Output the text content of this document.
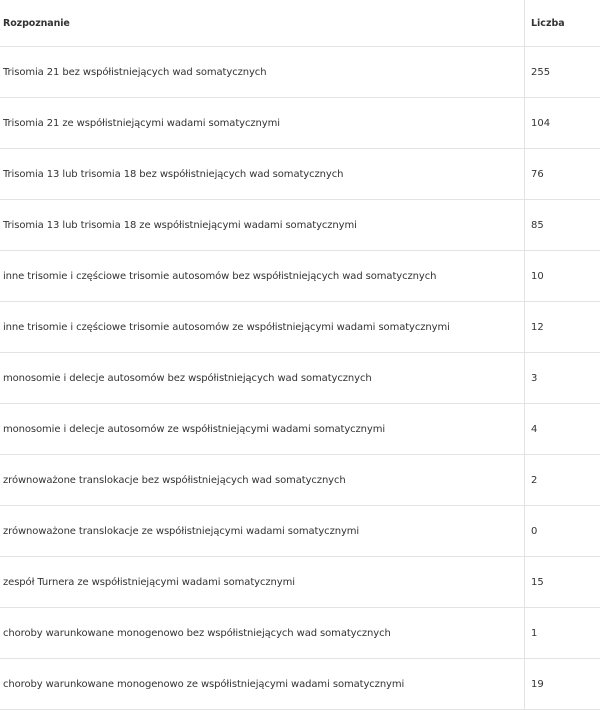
Rozpoznanie	Liczba
Trisomia 21 bez współistniejących wad somatycznych	255
Trisomia 21 ze współistniejącymi wadami somatycznymi	104
Trisomia 13 lub trisomia 18 bez współistniejących wad somatycznych	76
Trisomia 13 lub trisomia 18 ze współistniejącymi wadami somatycznymi	85
inne trisomie i częściowe trisomie autosomów bez współistniejących wad somatycznych	10
inne trisomie i częściowe trisomie autosomów ze współistniejącymi wadami somatycznymi	12
monosomie i delecje autosomów bez współistniejących wad somatycznych	3
monosomie i delecje autosomów ze współistniejącymi wadami somatycznymi	4
zrównoważone translokacje bez współistniejących wad somatycznych	2
zrównoważone translokacje ze współistniejącymi wadami somatycznymi	0
zespół Turnera ze współistniejącymi wadami somatycznymi	15
choroby warunkowane monogenowo bez współistniejących wad somatycznych	1
choroby warunkowane monogenowo ze współistniejącymi wadami somatycznymi	19
